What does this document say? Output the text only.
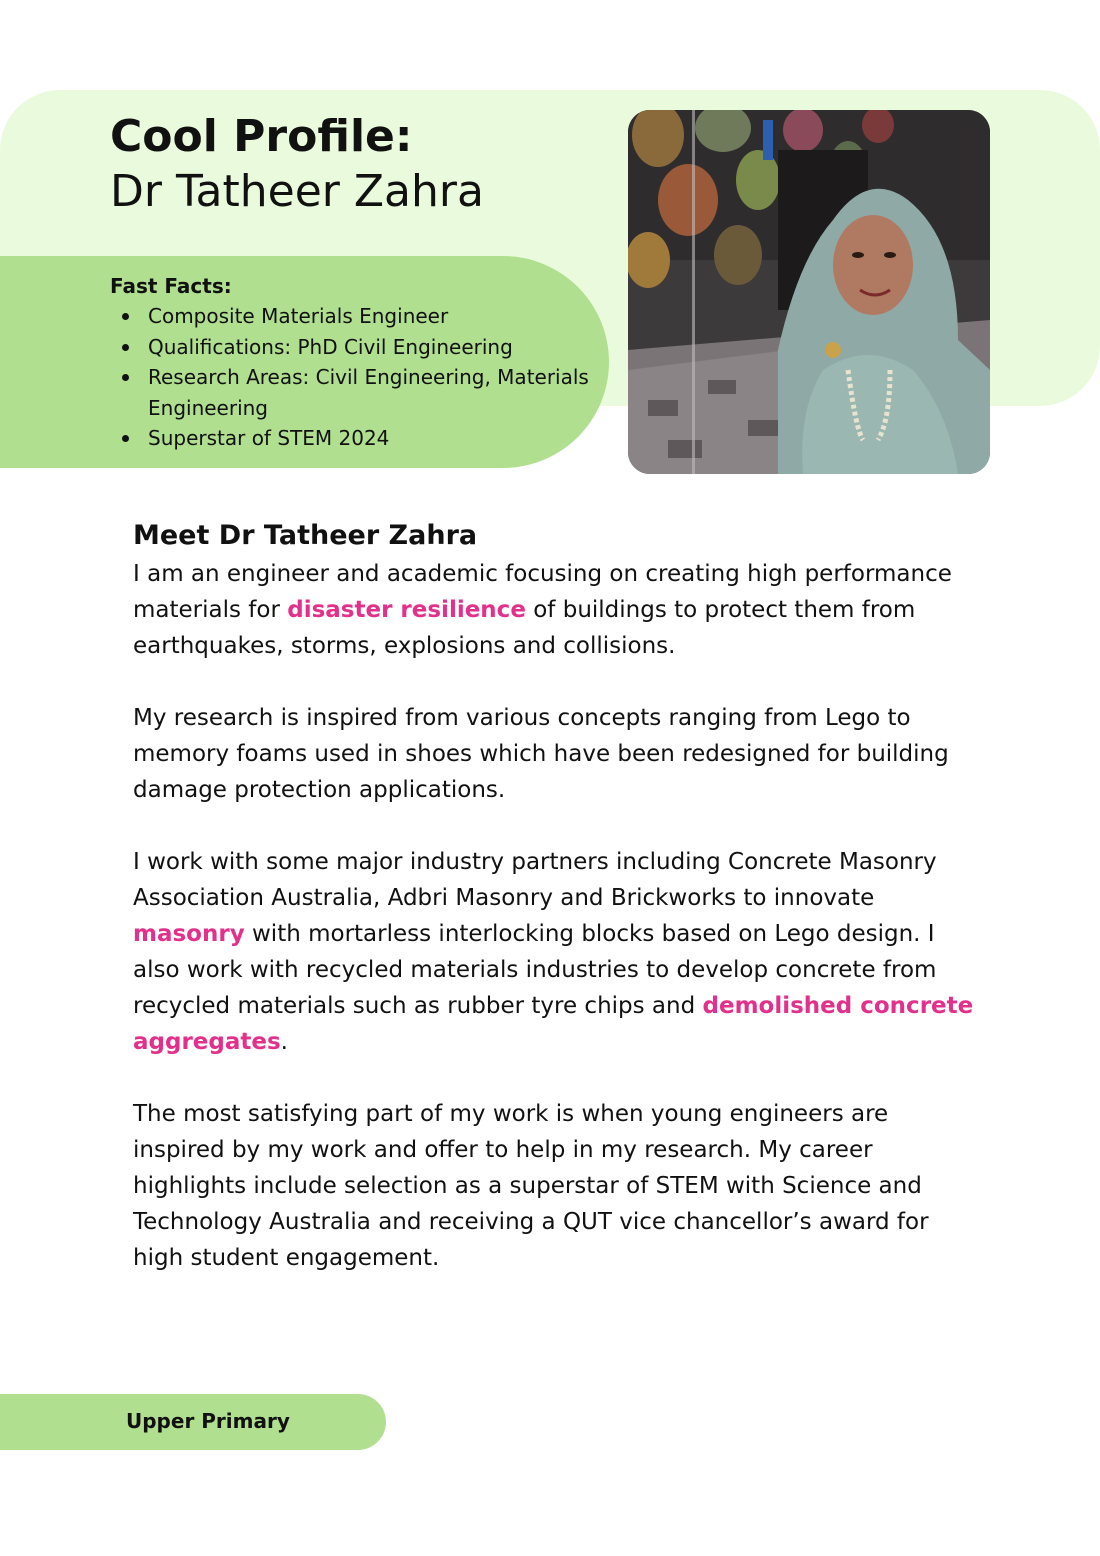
Cool Profile:
Dr Tatheer Zahra
Fast Facts:
Composite Materials Engineer
Qualifications: PhD Civil Engineering
Research Areas: Civil Engineering, Materials Engineering
Superstar of STEM 2024
Meet Dr Tatheer Zahra

I am an engineer and academic focusing on creating high performance materials for disaster resilience of buildings to protect them from earthquakes, storms, explosions and collisions.

My research is inspired from various concepts ranging from Lego to memory foams used in shoes which have been redesigned for building damage protection applications.

I work with some major industry partners including Concrete Masonry Association Australia, Adbri Masonry and Brickworks to innovate masonry with mortarless interlocking blocks based on Lego design. I also work with recycled materials industries to develop concrete from recycled materials such as rubber tyre chips and demolished concrete aggregates.

The most satisfying part of my work is when young engineers are inspired by my work and offer to help in my research. My career highlights include selection as a superstar of STEM with Science and Technology Australia and receiving a QUT vice chancellor’s award for high student engagement.

Upper Primary
